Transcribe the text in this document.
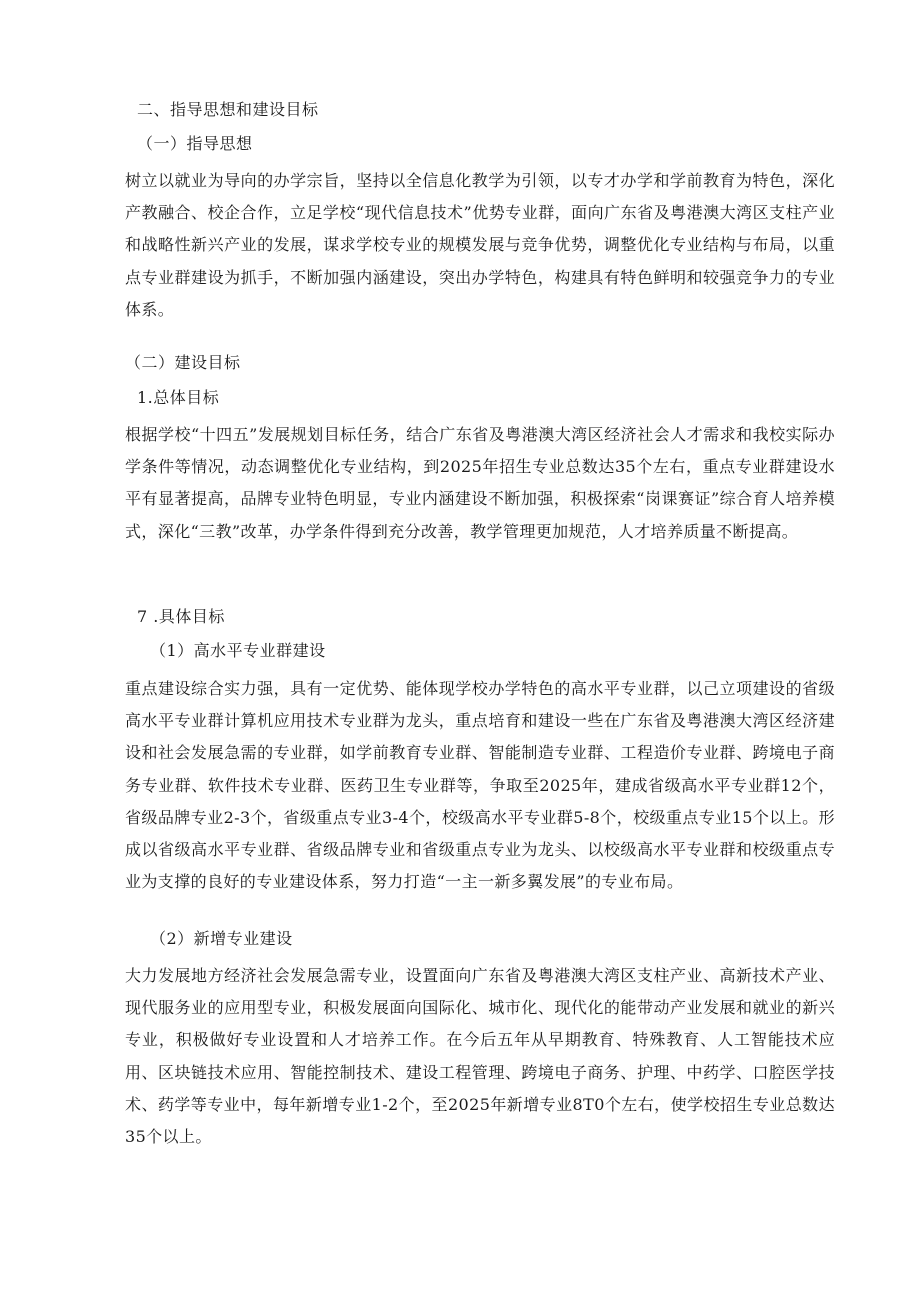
二、指导思想和建设目标
（一）指导思想
树立以就业为导向的办学宗旨，坚持以全信息化教学为引领，以专才办学和学前教育为特色，深化产教融合、校企合作，立足学校“现代信息技术”优势专业群，面向广东省及粤港澳大湾区支柱产业和战略性新兴产业的发展，谋求学校专业的规模发展与竞争优势，调整优化专业结构与布局，以重点专业群建设为抓手，不断加强内涵建设，突出办学特色，构建具有特色鲜明和较强竞争力的专业体系。
（二）建设目标
1.总体目标
根据学校“十四五”发展规划目标任务，结合广东省及粤港澳大湾区经济社会人才需求和我校实际办学条件等情况，动态调整优化专业结构，到2025年招生专业总数达35个左右，重点专业群建设水平有显著提高，品牌专业特色明显，专业内涵建设不断加强，积极探索“岗课赛证”综合育人培养模式，深化“三教”改革，办学条件得到充分改善，教学管理更加规范，人才培养质量不断提高。
7 .具体目标
（1）高水平专业群建设
重点建设综合实力强，具有一定优势、能体现学校办学特色的高水平专业群，以己立项建设的省级高水平专业群计算机应用技术专业群为龙头，重点培育和建设一些在广东省及粤港澳大湾区经济建设和社会发展急需的专业群，如学前教育专业群、智能制造专业群、工程造价专业群、跨境电子商务专业群、软件技术专业群、医药卫生专业群等，争取至2025年，建成省级高水平专业群12个，省级品牌专业2-3个，省级重点专业3-4个，校级高水平专业群5-8个，校级重点专业15个以上。形成以省级高水平专业群、省级品牌专业和省级重点专业为龙头、以校级高水平专业群和校级重点专业为支撑的良好的专业建设体系，努力打造“一主一新多翼发展”的专业布局。
（2）新增专业建设
大力发展地方经济社会发展急需专业，设置面向广东省及粤港澳大湾区支柱产业、高新技术产业、现代服务业的应用型专业，积极发展面向国际化、城市化、现代化的能带动产业发展和就业的新兴专业，积极做好专业设置和人才培养工作。在今后五年从早期教育、特殊教育、人工智能技术应用、区块链技术应用、智能控制技术、建设工程管理、跨境电子商务、护理、中药学、口腔医学技术、药学等专业中，每年新增专业1-2个，至2025年新增专业8T0个左右，使学校招生专业总数达35个以上。
